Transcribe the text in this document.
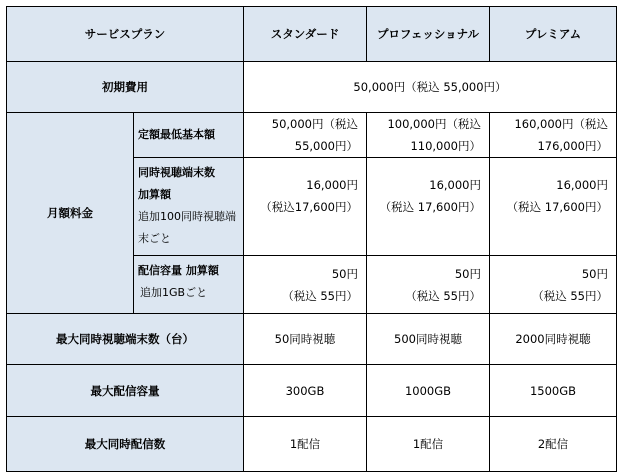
サービスプラン		スタンダード	プロフェッショナル	プレミアム
初期費用		50,000円（税込 55,000円）		
月額料金	定額最低基本額	50,000円（税込
55,000円）	100,000円（税込
110,000円）	160,000円（税込
176,000円）

	同時視聴端末数
加算額
追加100同時視聴端
末ごと	16,000円
（税込17,600円）	16,000円
（税込 17,600円）	16,000円
（税込 17,600円）

	配信容量 加算額
追加1GBごと	50円
（税込 55円）	50円
（税込 55円）	50円
（税込 55円）

最大同時視聴端末数（台）		50同時視聴	500同時視聴	2000同時視聴
最大配信容量		300GB	1000GB	1500GB
最大同時配信数		1配信	1配信	2配信
